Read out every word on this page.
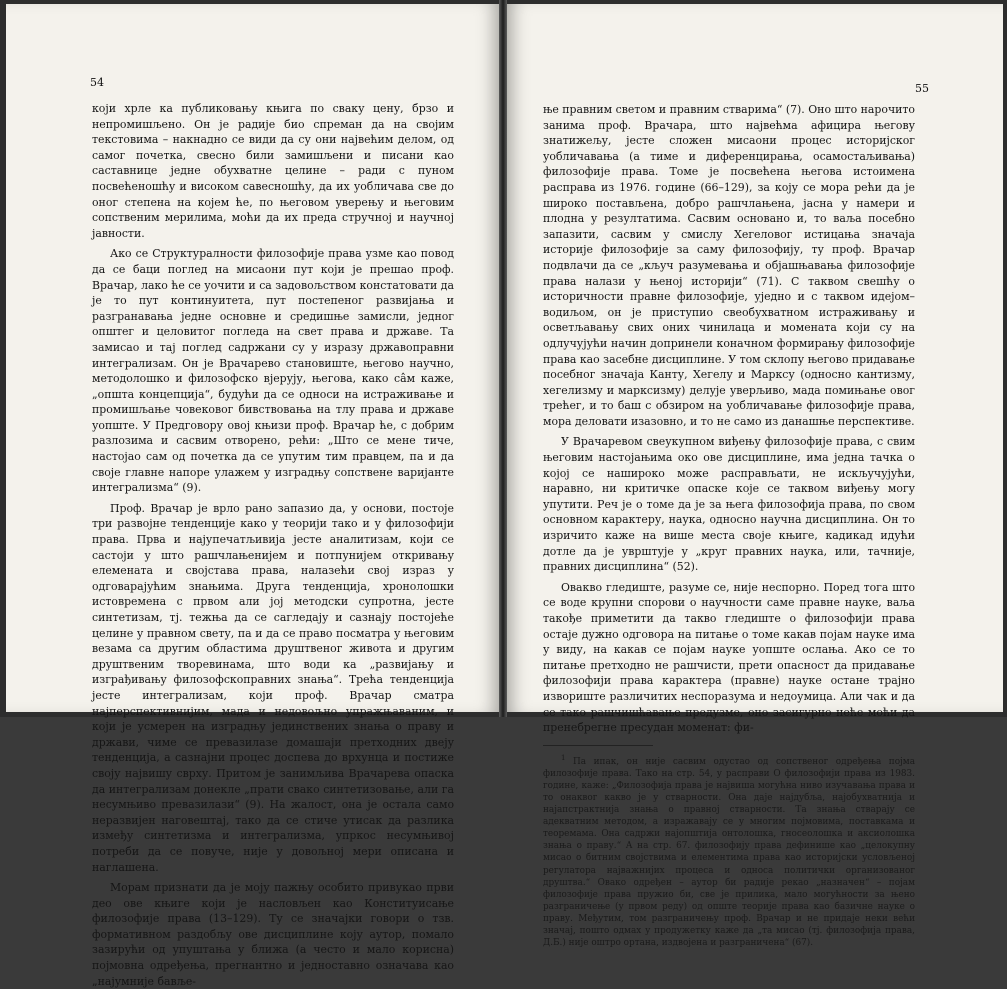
54

који хрле ка публиковању књига по сваку цену, брзо и непромишљено. Он је радије био спреман да на својим текстовима – накнадно се види да су они највећим делом, од самог почетка, свесно били замишљени и писани као саставнице једне обухватне целине – ради с пуном посвећеношћу и високом савесношћу, да их уобличава све до оног степена на којем ће, по његовом уверењу и његовим сопственим мерилима, моћи да их преда стручној и научној јавности.

Ако се Структуралности филозофије права узме као повод да се баци поглед на мисаони пут који је прешао проф. Врачар, лако ће се уочити и са задовољством констатовати да је то пут континуитета, пут постепеног развијања и разгранавања једне основне и средишње замисли, једног општег и целовитог погледа на свет права и државе. Та замисао и тај поглед садржани су у изразу државоправни интегрализам. Он је Врачарево становиште, његово научно, методолошко и филозофско вјерују, његова, како сâм каже, „општа концепција“, будући да се односи на истраживање и промишљање човековог бивствовања на тлу права и државе уопште. У Предговору овој књизи проф. Врачар ће, с добрим разлозима и сасвим отворено, рећи: „Што се мене тиче, настојао сам од почетка да се упутим тим правцем, па и да своје главне напоре улажем у изградњу сопствене варијанте интегрализма“ (9).

Проф. Врачар је врло рано запазио да, у основи, постоје три развојне тенденције како у теорији тако и у филозофији права. Прва и најупечатљивија јесте аналитизам, који се састоји у што рашчлањенијем и потпунијем откривању елемената и својстава права, налазећи свој израз у одговарајућим знањима. Друга тенденција, хронолошки истовремена с првом али јој методски супротна, јесте синтетизам, тј. тежња да се сагледају и сазнају постојеће целине у правном свету, па и да се право посматра у његовим везама са другим областима друштвеног живота и другим друштвеним творевинама, што води ка „развијању и изграђивању филозофскоправних знања“. Трећа тенденција јесте интегрализам, који проф. Врачар сматра најперспективнијим, мада и недовољно упражњаваним, и који је усмерен на изградњу јединствених знања о праву и држави, чиме се превазилазе домашаји претходних двеју тенденција, а сазнајни процес доспева до врхунца и постиже своју највишу сврху. Притом је занимљива Врачарева опаска да интегрализам донекле „прати свако синтетизовање, али га несумњиво превазилази“ (9). На жалост, она је остала само неразвијен наговештај, тако да се стиче утисак да разлика између синтетизма и интегрализма, упркос несумњивој потреби да се повуче, није у довољној мери описана и наглашена.

Морам признати да је моју пажњу особито привукао први део ове књиге који је насловљен као Конституисање филозофије права (13–129). Ту се значајки говори о тзв. формативном раздобљу ове дисциплине коју аутор, помало зазирући од упуштања у ближа (а често и мало корисна) појмовна одређења, прегнантно и једноставно означава као „најумније бавље-

55

ње правним светом и правним стварима“ (7). Оно што нарочито занима проф. Врачара, што највећма афицира његову знатижељу, јесте сложен мисаони процес историјског уобличавања (а тиме и диференцирања, осамостаљивања) филозофије права. Томе је посвећена његова истоимена расправа из 1976. године (66–129), за коју се мора рећи да је широко постављена, добро рашчлањена, јасна у намери и плодна у резултатима. Сасвим основано и, то ваља посебно запазити, сасвим у смислу Хегеловог истицања значаја историје филозофије за саму филозофију, ту проф. Врачар подвлачи да се „кључ разумевања и објашњавања филозофије права налази у њеној историји“ (71). С таквом свешћу о историчности правне филозофије, уједно и с таквом идејом–водиљом, он је приступио свеобухватном истраживању и осветљавању свих оних чинилаца и момената који су на одлучујући начин допринели коначном формирању филозофије права као засебне дисциплине. У том склопу његово придавање посебног значаја Канту, Хегелу и Марксу (односно кантизму, хегелизму и марксизму) делује уверљиво, мада помињање овог трећег, и то баш с обзиром на уобличавање филозофије права, мора деловати изазовно, и то не само из данашње перспективе.

У Врачаревом свеукупном виђењу филозофије права, с свим његовим настојањима око ове дисциплине, има једна тачка о којој се нашироко може расправљати, не искључујући, наравно, ни критичке опаске које се таквом виђењу могу упутити. Реч је о томе да је за њега филозофија права, по свом основном карактеру, наука, односно научна дисциплина. Он то изричито каже на више места своје књиге, кадикад идући дотле да је уврштује у „круг правних наука, или, тачније, правних дисциплина“ (52).

Овакво гледиште, разуме се, није неспорно. Поред тога што се воде крупни спорови о научности саме правне науке, ваља такође приметити да такво гледиште о филозофији права остаје дужно одговора на питање о томе какав појам науке има у виду, на какав се појам науке уопште ослања. Ако се то питање претходно не рашчисти, прети опасност да придавање филозофији права карактера (правне) науке остане трајно извориште различитих неспоразума и недоумица. Али чак и да се тако рашчишћавање предузме, оно засигурно неће моћи да пренебрегне пресудан моменат: фи-

$^1$ Па ипак, он није сасвим одустао од сопственог одређења појма филозофије права. Тако на стр. 54, у расправи О филозофији права из 1983. године, каже: „Филозофија права је највиша могућна ниво изучавања права и то онаквог какво је у стварности. Она даје најдубља, најобухватнија и најапстрактнија знања о правној стварности. Та знања стварају се адекватним методом, а изражавају се у многим појмовима, поставкама и теоремама. Она садржи најопштија онтолошка, гносеолошка и аксиолошка знања о праву.“ А на стр. 67. филозофију права дефинише као „целокупну мисао о битним својствима и елементима права као историјски условљеној регулатора најважнијих процеса и односа политички организованог друштва.“ Овако одређен – аутор би радије рекао „назначен“ – појам филозофије права пружио би, све је прилика, мало могућности за њено разграничење (у првом реду) од опште теорије права као базичне науке о праву. Међутим, том разграничењу проф. Врачар и не придаје неки већи значај, пошто одмах у продужетку каже да „та мисао (тј. филозофија права, Д.Б.) није оштро ортана, издвојена и разграничена“ (67).
